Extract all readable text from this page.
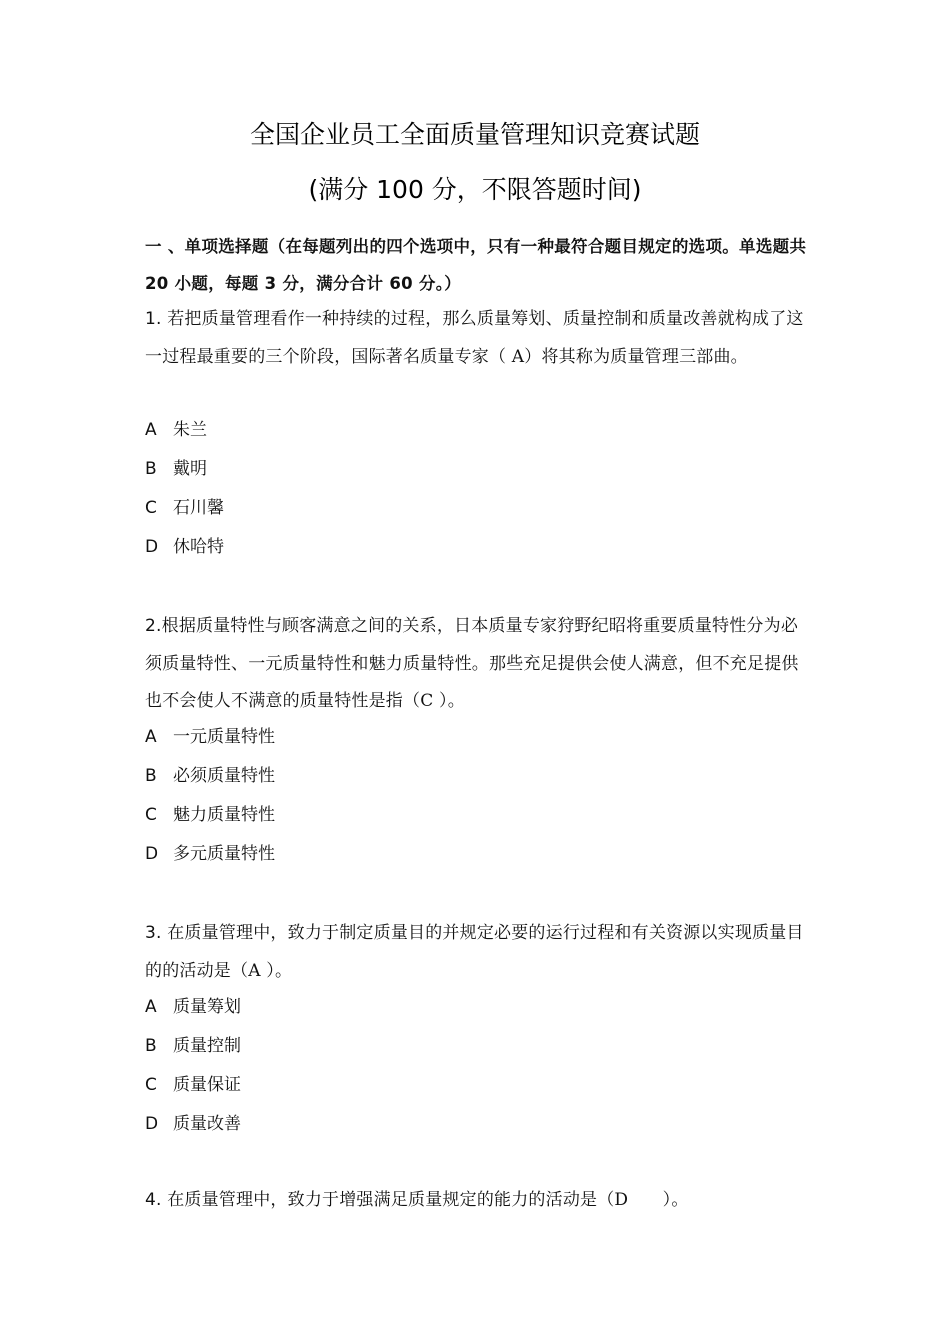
全国企业员工全面质量管理知识竞赛试题
(满分 100 分，不限答题时间)
一 、单项选择题（在每题列出的四个选项中，只有一种最符合题目规定的选项。单选题共 20 小题，每题 3 分，满分合计 60 分。）
1. 若把质量管理看作一种持续的过程，那么质量筹划、质量控制和质量改善就构成了这一过程最重要的三个阶段，国际著名质量专家（ A）将其称为质量管理三部曲。
A 朱兰
B 戴明
C 石川馨
D 休哈特
2.根据质量特性与顾客满意之间的关系，日本质量专家狩野纪昭将重要质量特性分为必须质量特性、一元质量特性和魅力质量特性。那些充足提供会使人满意，但不充足提供也不会使人不满意的质量特性是指（C ）。
A 一元质量特性
B 必须质量特性
C 魅力质量特性
D 多元质量特性
3. 在质量管理中，致力于制定质量目的并规定必要的运行过程和有关资源以实现质量目的的活动是（A ）。
A 质量筹划
B 质量控制
C 质量保证
D 质量改善
4. 在质量管理中，致力于增强满足质量规定的能力的活动是（D　　）。
